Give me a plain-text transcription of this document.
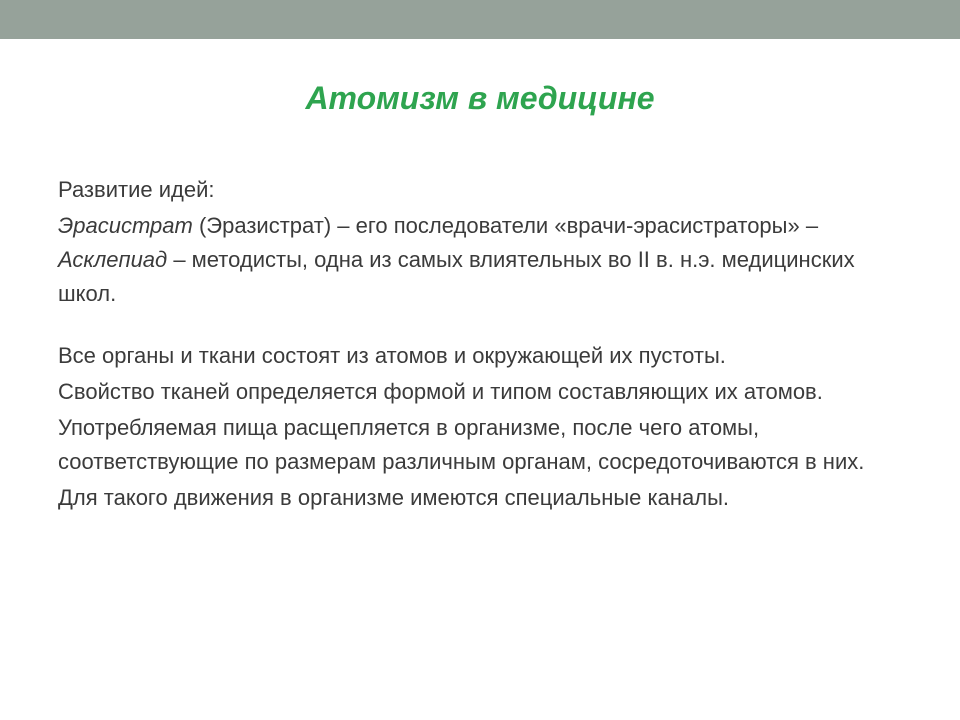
Атомизм в медицине

Развитие идей:

Эрасистрат (Эразистрат) – его последователи «врачи-эрасистраторы» – Асклепиад – методисты, одна из самых влиятельных во II в. н.э. медицинских школ.

Все органы и ткани состоят из атомов и окружающей их пустоты.

Свойство тканей определяется формой и типом составляющих их атомов.

Употребляемая пища расщепляется в организме, после чего атомы, соответствующие по размерам различным органам, сосредоточиваются в них.

Для такого движения в организме имеются специальные каналы.
